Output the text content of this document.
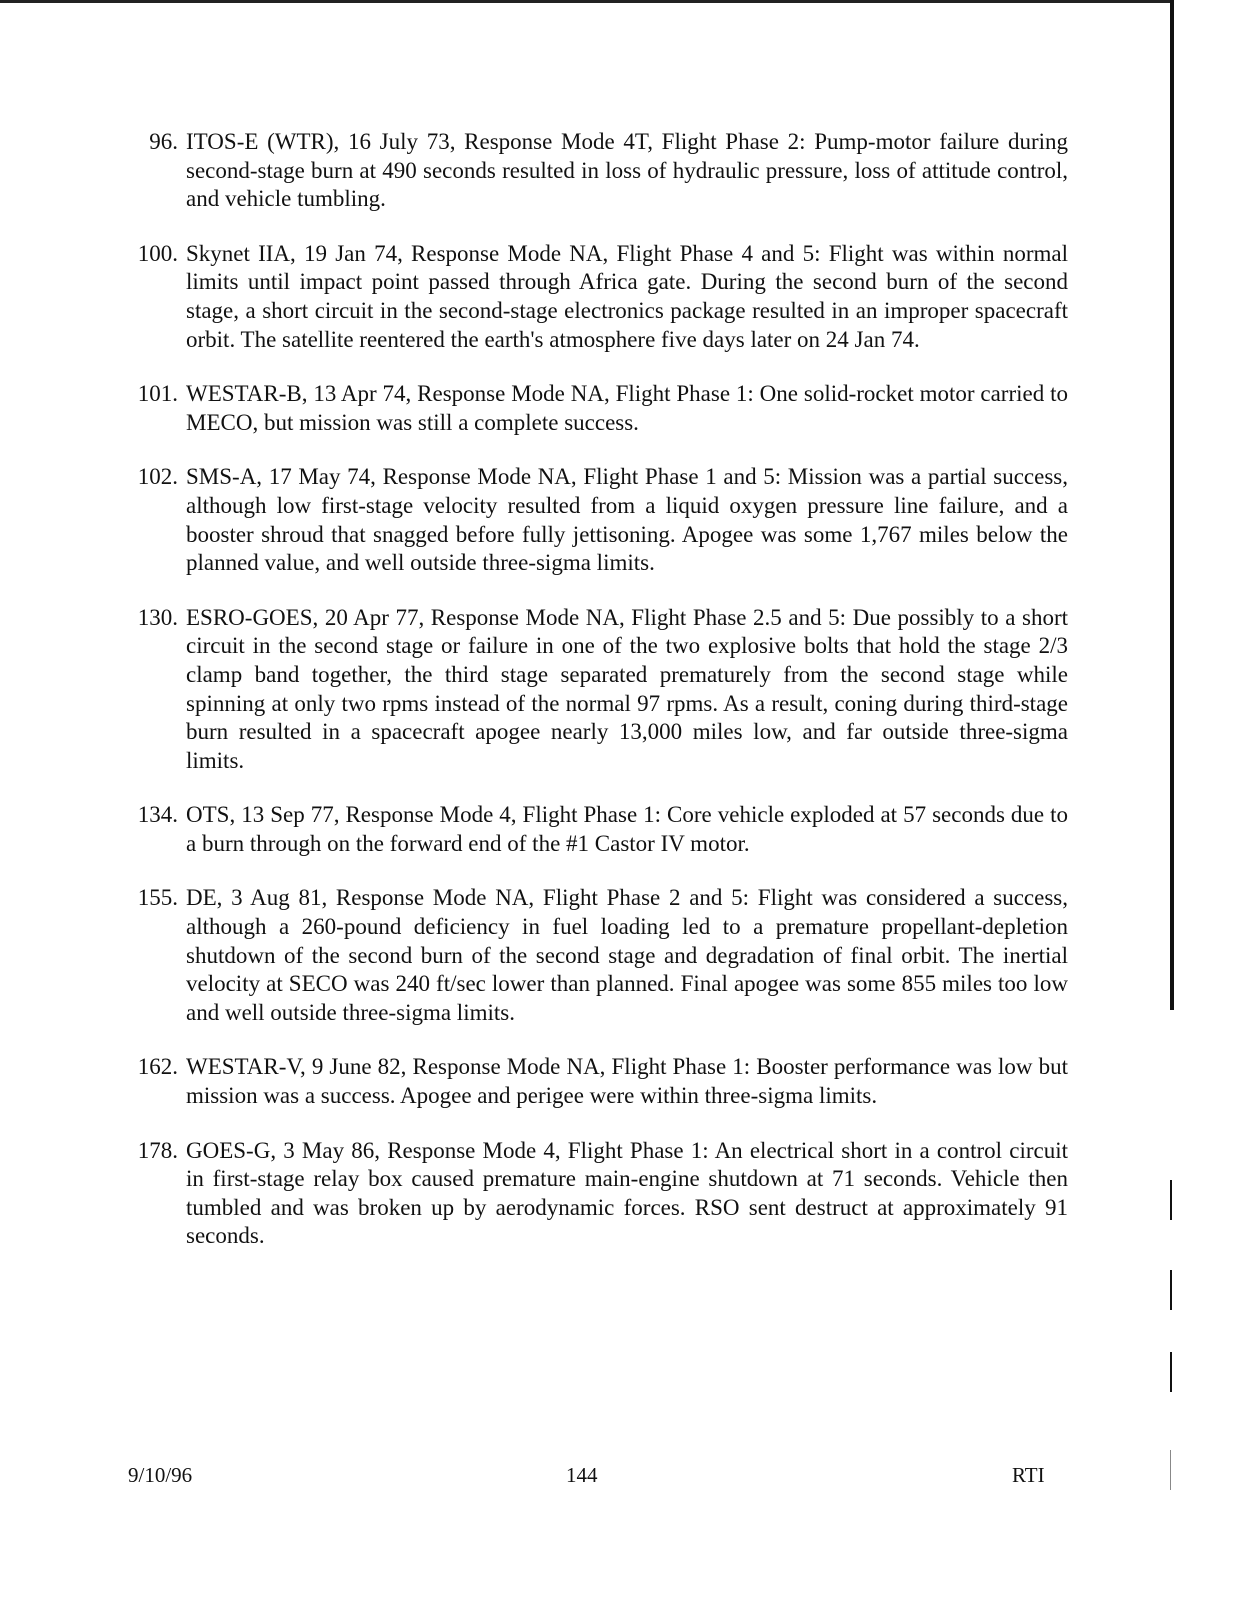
96. ITOS-E (WTR), 16 July 73, Response Mode 4T, Flight Phase 2: Pump-motor failure during second-stage burn at 490 seconds resulted in loss of hydraulic pressure, loss of attitude control, and vehicle tumbling.
100. Skynet IIA, 19 Jan 74, Response Mode NA, Flight Phase 4 and 5: Flight was within normal limits until impact point passed through Africa gate. During the second burn of the second stage, a short circuit in the second-stage electronics package resulted in an improper spacecraft orbit. The satellite reentered the earth's atmosphere five days later on 24 Jan 74.
101. WESTAR-B, 13 Apr 74, Response Mode NA, Flight Phase 1: One solid-rocket motor carried to MECO, but mission was still a complete success.
102. SMS-A, 17 May 74, Response Mode NA, Flight Phase 1 and 5: Mission was a partial success, although low first-stage velocity resulted from a liquid oxygen pressure line failure, and a booster shroud that snagged before fully jettisoning. Apogee was some 1,767 miles below the planned value, and well outside three-sigma limits.
130. ESRO-GOES, 20 Apr 77, Response Mode NA, Flight Phase 2.5 and 5: Due possibly to a short circuit in the second stage or failure in one of the two explosive bolts that hold the stage 2/3 clamp band together, the third stage separated prematurely from the second stage while spinning at only two rpms instead of the normal 97 rpms. As a result, coning during third-stage burn resulted in a spacecraft apogee nearly 13,000 miles low, and far outside three-sigma limits.
134. OTS, 13 Sep 77, Response Mode 4, Flight Phase 1: Core vehicle exploded at 57 seconds due to a burn through on the forward end of the #1 Castor IV motor.
155. DE, 3 Aug 81, Response Mode NA, Flight Phase 2 and 5: Flight was considered a success, although a 260-pound deficiency in fuel loading led to a premature propellant-depletion shutdown of the second burn of the second stage and degradation of final orbit. The inertial velocity at SECO was 240 ft/sec lower than planned. Final apogee was some 855 miles too low and well outside three-sigma limits.
162. WESTAR-V, 9 June 82, Response Mode NA, Flight Phase 1: Booster performance was low but mission was a success. Apogee and perigee were within three-sigma limits.
178. GOES-G, 3 May 86, Response Mode 4, Flight Phase 1: An electrical short in a control circuit in first-stage relay box caused premature main-engine shutdown at 71 seconds. Vehicle then tumbled and was broken up by aerodynamic forces. RSO sent destruct at approximately 91 seconds.
9/10/96	144	RTI
